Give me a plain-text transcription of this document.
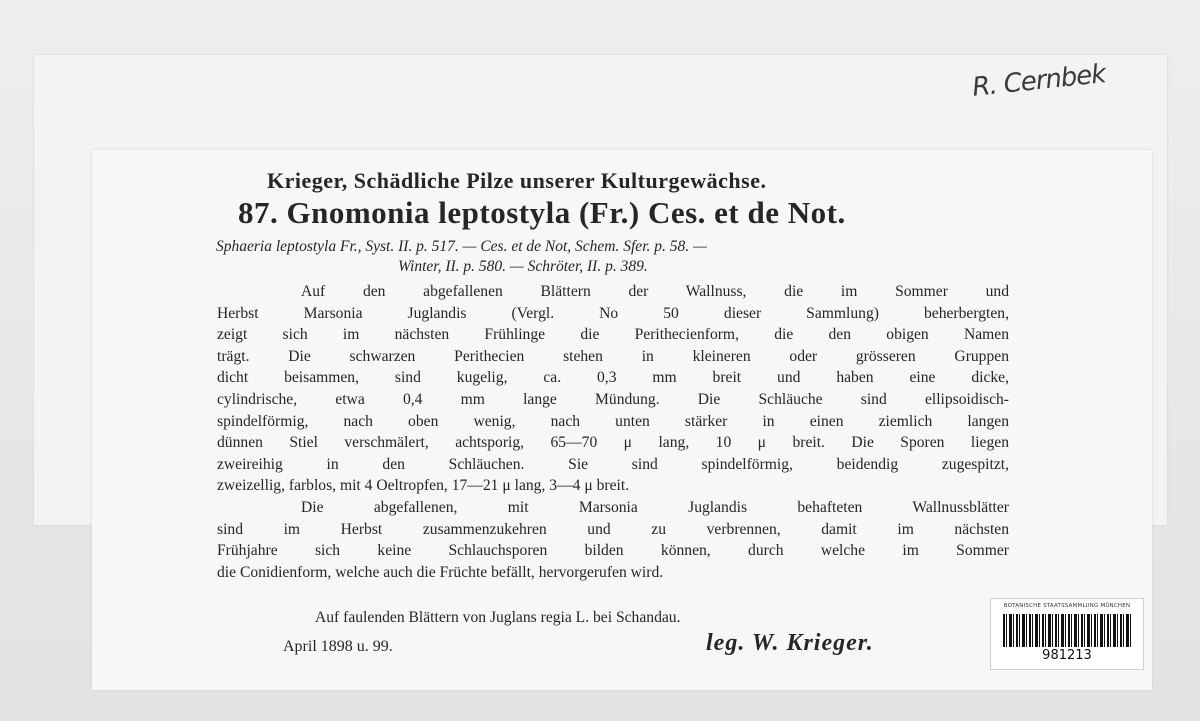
R. Cernbek
Krieger, Schädliche Pilze unserer Kulturgewächse.
87. Gnomonia leptostyla (Fr.) Ces. et de Not.
Sphaeria leptostyla Fr., Syst. II. p. 517. — Ces. et de Not, Schem. Sfer. p. 58. —
Winter, II. p. 580. — Schröter, II. p. 389.
Auf den abgefallenen Blättern der Wallnuss, die im Sommer und
Herbst Marsonia Juglandis (Vergl. No 50 dieser Sammlung) beherbergten,
zeigt sich im nächsten Frühlinge die Perithecienform, die den obigen Namen
trägt. Die schwarzen Perithecien stehen in kleineren oder grösseren Gruppen
dicht beisammen, sind kugelig, ca. 0,3 mm breit und haben eine dicke,
cylindrische, etwa 0,4 mm lange Mündung. Die Schläuche sind ellipsoidisch-
spindelförmig, nach oben wenig, nach unten stärker in einen ziemlich langen
dünnen Stiel verschmälert, achtsporig, 65—70 μ lang, 10 μ breit. Die Sporen liegen
zweireihig in den Schläuchen. Sie sind spindelförmig, beidendig zugespitzt,
zweizellig, farblos, mit 4 Oeltropfen, 17—21 μ lang, 3—4 μ breit.
Die abgefallenen, mit Marsonia Juglandis behafteten Wallnussblätter
sind im Herbst zusammenzukehren und zu verbrennen, damit im nächsten
Frühjahre sich keine Schlauchsporen bilden können, durch welche im Sommer
die Conidienform, welche auch die Früchte befällt, hervorgerufen wird.
Auf faulenden Blättern von Juglans regia L. bei Schandau.
April 1898 u. 99.	leg. W. Krieger.
BOTANISCHE STAATSSAMMLUNG MÜNCHEN
981213
